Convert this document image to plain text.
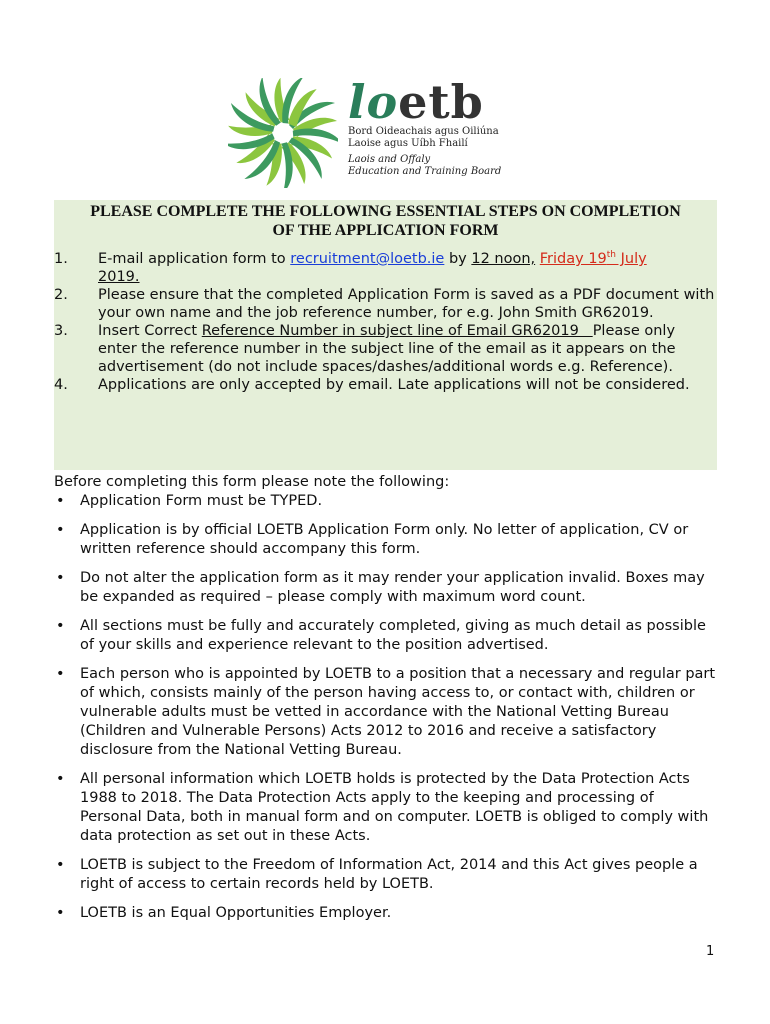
loetb
Bord Oideachais agus Oiliúna
Laoise agus Uíbh Fhailí
Laois and Offaly
Education and Training Board
PLEASE COMPLETE THE FOLLOWING ESSENTIAL STEPS ON COMPLETION
OF THE APPLICATION FORM
1. E-mail application form to recruitment@loetb.ie by 12 noon, Friday 19th July
2019.
2. Please ensure that the completed Application Form is saved as a PDF document with your own name and the job reference number, for e.g. John Smith GR62019.
3. Insert Correct Reference Number in subject line of Email GR62019   Please only enter the reference number in the subject line of the email as it appears on the advertisement (do not include spaces/dashes/additional words e.g. Reference).
4. Applications are only accepted by email. Late applications will not be considered.
Before completing this form please note the following:
• Application Form must be TYPED.
• Application is by official LOETB Application Form only. No letter of application, CV or written reference should accompany this form.
• Do not alter the application form as it may render your application invalid. Boxes may be expanded as required – please comply with maximum word count.
• All sections must be fully and accurately completed, giving as much detail as possible of your skills and experience relevant to the position advertised.
• Each person who is appointed by LOETB to a position that a necessary and regular part of which, consists mainly of the person having access to, or contact with, children or vulnerable adults must be vetted in accordance with the National Vetting Bureau (Children and Vulnerable Persons) Acts 2012 to 2016 and receive a satisfactory disclosure from the National Vetting Bureau.
• All personal information which LOETB holds is protected by the Data Protection Acts 1988 to 2018. The Data Protection Acts apply to the keeping and processing of Personal Data, both in manual form and on computer. LOETB is obliged to comply with data protection as set out in these Acts.
• LOETB is subject to the Freedom of Information Act, 2014 and this Act gives people a right of access to certain records held by LOETB.
• LOETB is an Equal Opportunities Employer.
1
